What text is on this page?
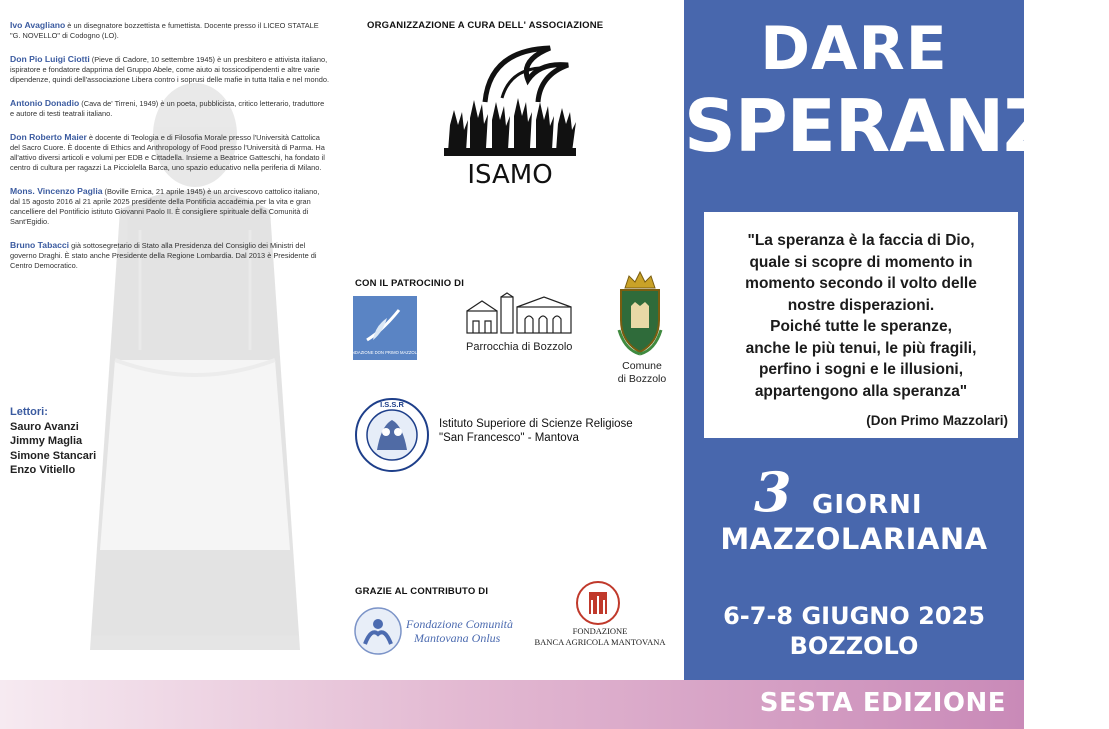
Ivo Avagliano è un disegnatore bozzettista e fumettista. Docente presso il LICEO STATALE "G. NOVELLO" di Codogno (LO).

Don Pio Luigi Ciotti (Pieve di Cadore, 10 settembre 1945) è un presbitero e attivista italiano, ispiratore e fondatore dapprima del Gruppo Abele, come aiuto ai tossicodipendenti e altre varie dipendenze, quindi dell'associazione Libera contro i soprusi delle mafie in tutta Italia e nel mondo.

Antonio Donadio (Cava de' Tirreni, 1949) è un poeta, pubblicista, critico letterario, traduttore e autore di testi teatrali italiano.

Don Roberto Maier è docente di Teologia e di Filosofia Morale presso l'Università Cattolica del Sacro Cuore. È docente di Ethics and Anthropology of Food presso l'Università di Parma. Ha all'attivo diversi articoli e volumi per EDB e Cittadella. Insieme a Beatrice Gatteschi, ha fondato il centro di cultura per ragazzi La Picciolella Barca, uno spazio educativo nella periferia di Milano.

Mons. Vincenzo Paglia (Boville Ernica, 21 aprile 1945) è un arcivescovo cattolico italiano, dal 15 agosto 2016 al 21 aprile 2025 presidente della Pontificia accademia per la vita e gran cancelliere del Pontificio istituto Giovanni Paolo II. È consigliere spirituale della Comunità di Sant'Egidio.

Bruno Tabacci già sottosegretario di Stato alla Presidenza del Consiglio dei Ministri del governo Draghi. È stato anche Presidente della Regione Lombardia. Dal 2013 è Presidente di Centro Democratico.

Lettori:
Sauro Avanzi
Jimmy Maglia
Simone Stancari
Enzo Vitiello
ORGANIZZAZIONE A CURA DELL' ASSOCIAZIONE
ISAMO
CON IL PATROCINIO DI
FONDAZIONE DON PRIMO MAZZOLARI	Parrocchia di Bozzolo
Comune
di Bozzolo
I.S.S.R
Istituto Superiore di Scienze Religiose
"San Francesco" - Mantova
GRAZIE AL CONTRIBUTO DI
Fondazione Comunità
Mantovana Onlus	FONDAZIONE
BANCA AGRICOLA MANTOVANA
DARE
SPERANZA
"La speranza è la faccia di Dio,
quale si scopre di momento in
momento secondo il volto delle
nostre disperazioni.
Poiché tutte le speranze,
anche le più tenui, le più fragili,
perfino i sogni e le illusioni,
appartengono alla speranza"
(Don Primo Mazzolari)
3 GIORNI
MAZZOLARIANA
6-7-8 GIUGNO 2025
BOZZOLO
SESTA EDIZIONE
